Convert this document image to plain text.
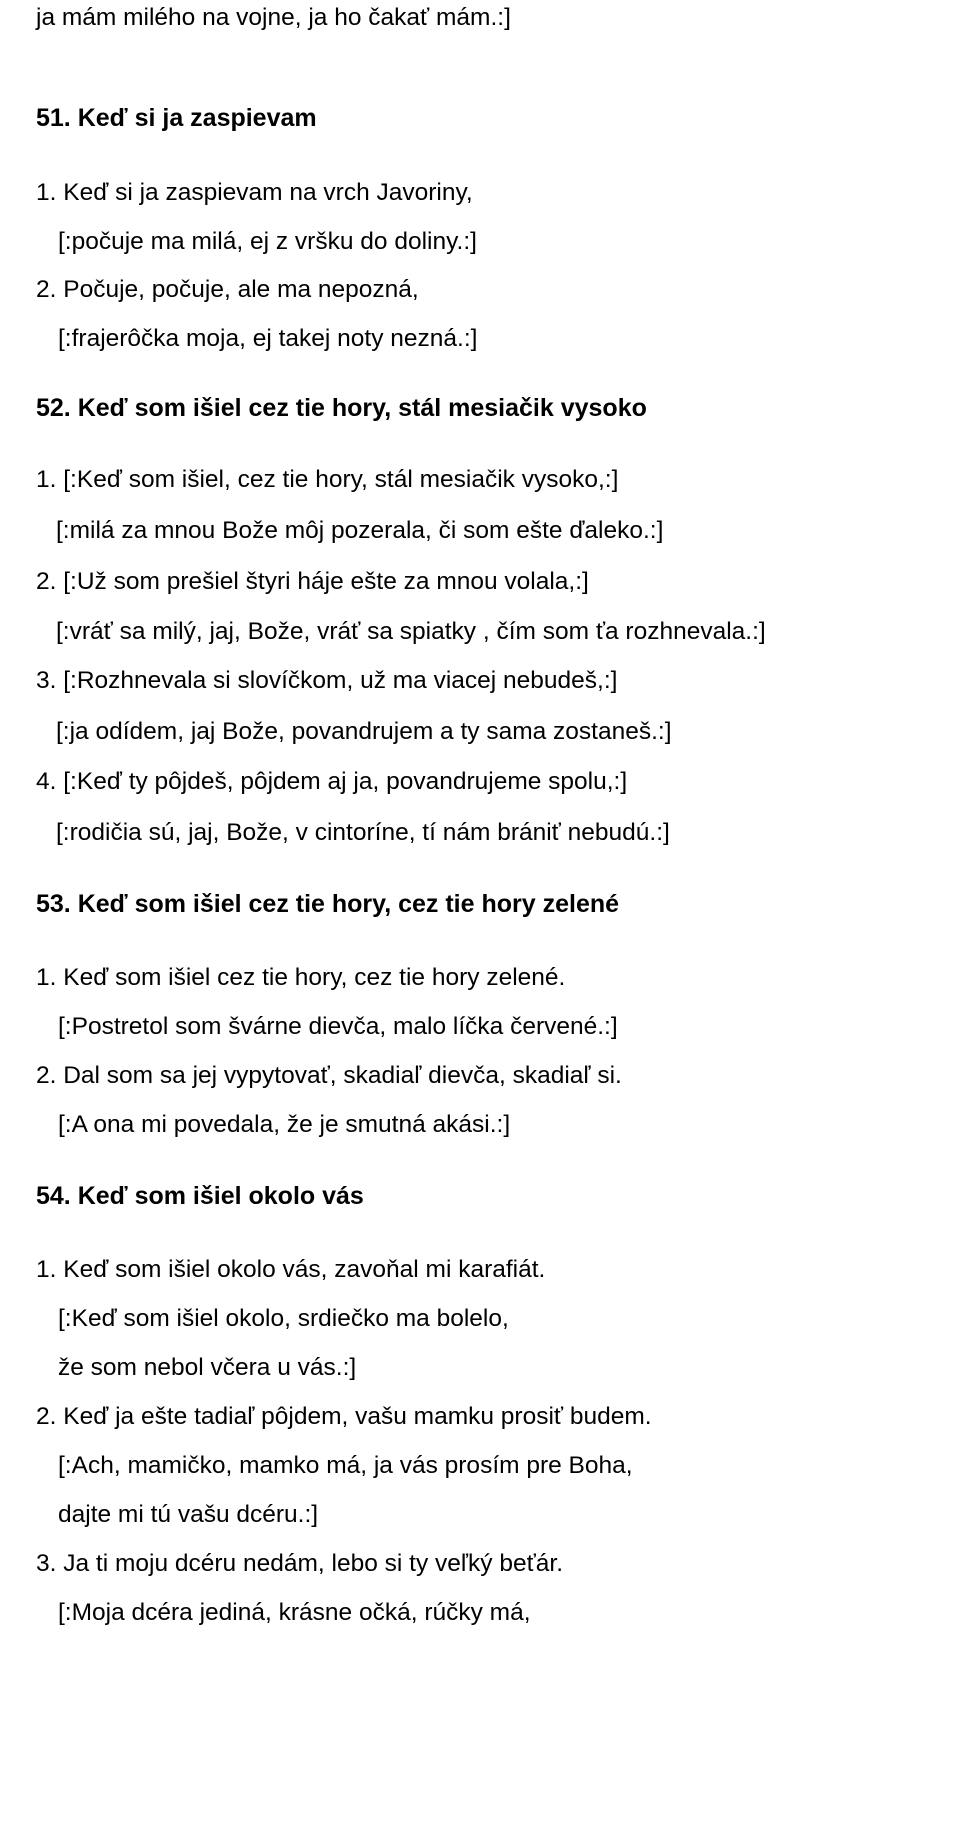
ja mám milého na vojne, ja ho čakať mám.:]
51. Keď si ja zaspievam
1. Keď si ja zaspievam na vrch Javoriny,
[:počuje ma milá, ej z vršku do doliny.:]
2. Počuje, počuje, ale ma nepozná,
[:frajerôčka moja, ej takej noty nezná.:]
52. Keď som išiel cez tie hory, stál mesiačik vysoko
1. [:Keď som išiel, cez tie hory, stál mesiačik vysoko,:]
[:milá za mnou Bože môj pozerala, či som ešte ďaleko.:]
2. [:Už som prešiel štyri háje ešte za mnou volala,:]
[:vráť sa milý, jaj, Bože, vráť sa spiatky , čím som ťa rozhnevala.:]
3. [:Rozhnevala si slovíčkom, už ma viacej nebudeš,:]
[:ja odídem, jaj Bože, povandrujem a ty sama zostaneš.:]
4. [:Keď ty pôjdeš, pôjdem aj ja, povandrujeme spolu,:]
[:rodičia sú, jaj, Bože, v cintoríne, tí nám brániť nebudú.:]
53. Keď som išiel cez tie hory, cez tie hory zelené
1. Keď som išiel cez tie hory, cez tie hory zelené.
[:Postretol som švárne dievča, malo líčka červené.:]
2. Dal som sa jej vypytovať, skadiaľ dievča, skadiaľ si.
[:A ona mi povedala, že je smutná akási.:]
54. Keď som išiel okolo vás
1. Keď som išiel okolo vás, zavoňal mi karafiát.
[:Keď som išiel okolo, srdiečko ma bolelo,
že som nebol včera u vás.:]
2. Keď ja ešte tadiaľ pôjdem, vašu mamku prosiť budem.
[:Ach, mamičko, mamko má, ja vás prosím pre Boha,
dajte mi tú vašu dcéru.:]
3. Ja ti moju dcéru nedám, lebo si ty veľký beťár.
[:Moja dcéra jediná, krásne očká, rúčky má,
